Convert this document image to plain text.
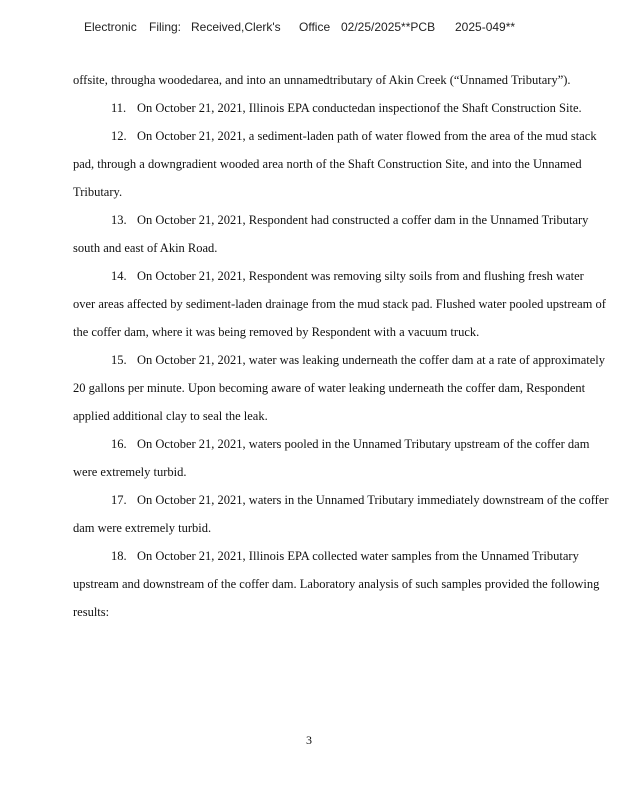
Electronic Filing: Received,Clerk's Office 02/25/2025**PCB 2025-049**

offsite, througha woodedarea, and into an unnamedtributary of Akin Creek (“Unnamed Tributary”).

11. On October 21, 2021, Illinois EPA conductedan inspectionof the Shaft Construction Site.

12. On October 21, 2021, a sediment-laden path of water flowed from the area of the mud stack pad, through a downgradient wooded area north of the Shaft Construction Site, and into the Unnamed Tributary.

13. On October 21, 2021, Respondent had constructed a coffer dam in the Unnamed Tributary south and east of Akin Road.

14. On October 21, 2021, Respondent was removing silty soils from and flushing fresh water over areas affected by sediment-laden drainage from the mud stack pad. Flushed water pooled upstream of the coffer dam, where it was being removed by Respondent with a vacuum truck.

15. On October 21, 2021, water was leaking underneath the coffer dam at a rate of approximately 20 gallons per minute. Upon becoming aware of water leaking underneath the coffer dam, Respondent applied additional clay to seal the leak.

16. On October 21, 2021, waters pooled in the Unnamed Tributary upstream of the coffer dam were extremely turbid.

17. On October 21, 2021, waters in the Unnamed Tributary immediately downstream of the coffer dam were extremely turbid.

18. On October 21, 2021, Illinois EPA collected water samples from the Unnamed Tributary upstream and downstream of the coffer dam. Laboratory analysis of such samples provided the following results:

3
